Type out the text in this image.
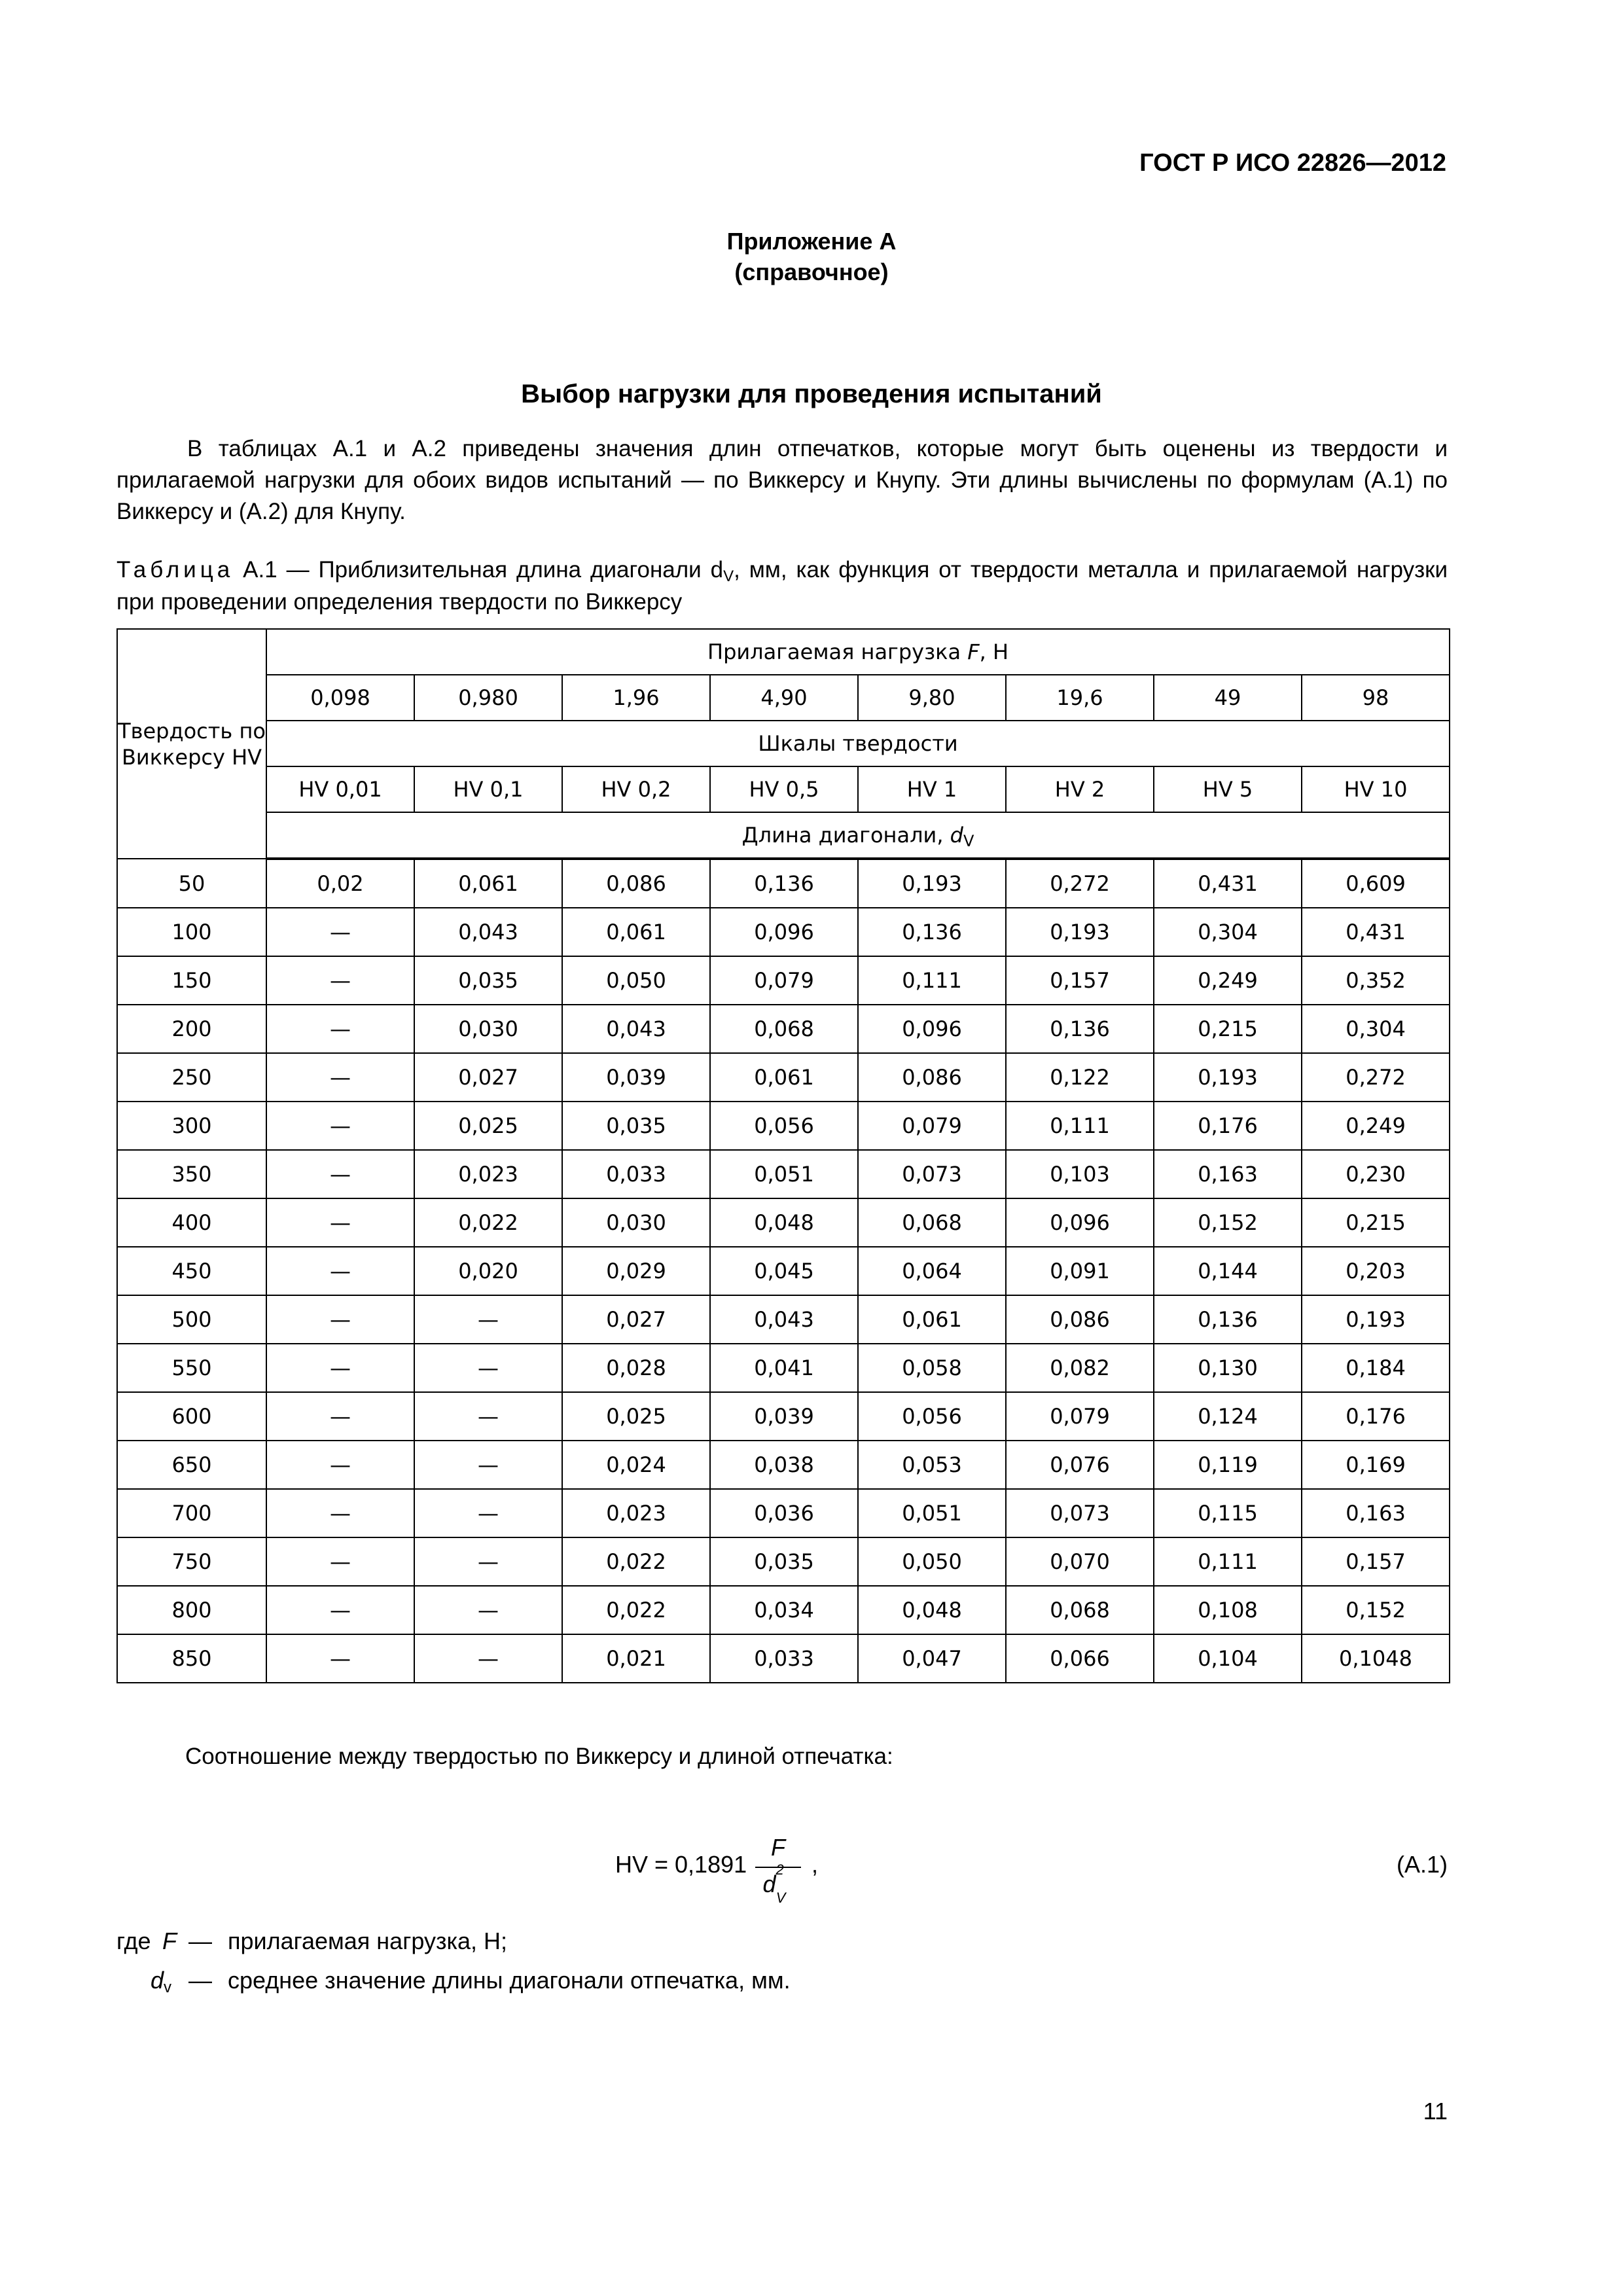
ГОСТ Р ИСО 22826—2012
Приложение А
(справочное)
Выбор нагрузки для проведения испытаний

В таблицах А.1 и А.2 приведены значения длин отпечатков, которые могут быть оценены из твердости и прилагаемой нагрузки для обоих видов испытаний — по Виккерсу и Кнупу. Эти длины вычислены по формулам (А.1) по Виккерсу и (А.2) для Кнупу.

Таблица А.1 — Приблизительная длина диагонали $d_V$, мм, как функция от твердости металла и прилагаемой нагрузки при проведении определения твердости по Виккерсу

Твердость по Виккерсу HV	Прилагаемая нагрузка F, Н							
	0,098	0,980	1,96	4,90	9,80	19,6	49	98
	Шкалы твердости							
	HV 0,01	HV 0,1	HV 0,2	HV 0,5	HV 1	HV 2	HV 5	HV 10
	Длина диагонали, $d_V$
50	0,02	0,061	0,086	0,136	0,193	0,272	0,431	0,609
100	—	0,043	0,061	0,096	0,136	0,193	0,304	0,431
150	—	0,035	0,050	0,079	0,111	0,157	0,249	0,352
200	—	0,030	0,043	0,068	0,096	0,136	0,215	0,304
250	—	0,027	0,039	0,061	0,086	0,122	0,193	0,272
300	—	0,025	0,035	0,056	0,079	0,111	0,176	0,249
350	—	0,023	0,033	0,051	0,073	0,103	0,163	0,230
400	—	0,022	0,030	0,048	0,068	0,096	0,152	0,215
450	—	0,020	0,029	0,045	0,064	0,091	0,144	0,203
500	—	—	0,027	0,043	0,061	0,086	0,136	0,193
550	—	—	0,028	0,041	0,058	0,082	0,130	0,184
600	—	—	0,025	0,039	0,056	0,079	0,124	0,176
650	—	—	0,024	0,038	0,053	0,076	0,119	0,169
700	—	—	0,023	0,036	0,051	0,073	0,115	0,163
750	—	—	0,022	0,035	0,050	0,070	0,111	0,157
800	—	—	0,022	0,034	0,048	0,068	0,108	0,152
850	—	—	0,021	0,033	0,047	0,066	0,104	0,1048
Соотношение между твердостью по Виккерсу и длиной отпечатка:
HV = 0,1891
F
$d^2_V$
,	(А.1)
где F — прилагаемая нагрузка, Н;
$d_v$ — среднее значение длины диагонали отпечатка, мм.
11
